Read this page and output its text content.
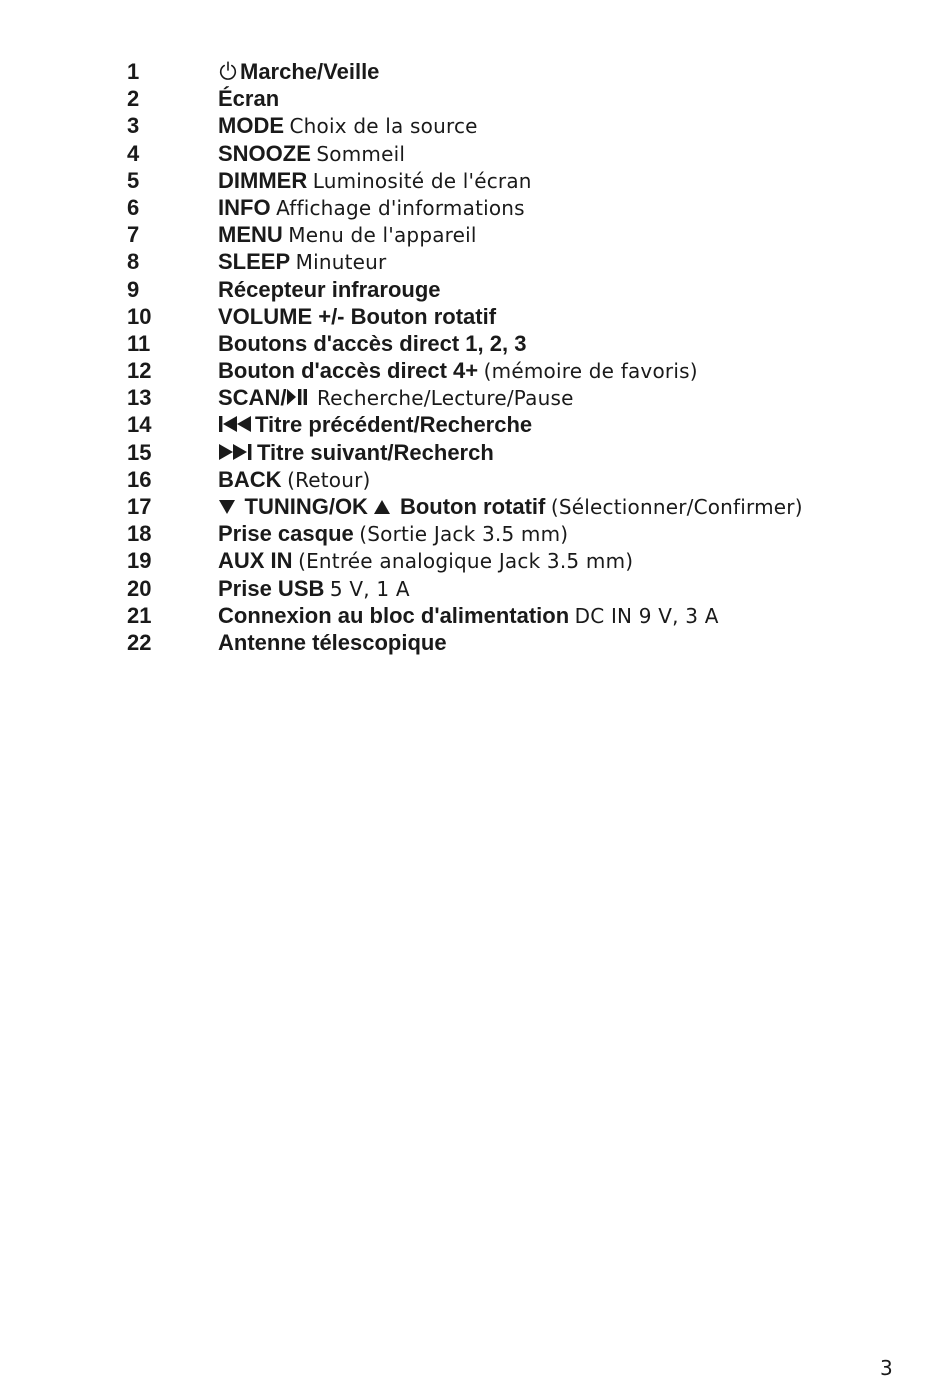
1	Marche/Veille
2	Écran
3	MODE Choix de la source
4	SNOOZE Sommeil
5	DIMMER Luminosité de l'écran
6	INFO Affichage d'informations
7	MENU Menu de l'appareil
8	SLEEP Minuteur
9	Récepteur infrarouge
10	VOLUME +/- Bouton rotatif
11	Boutons d'accès direct 1, 2, 3
12	Bouton d'accès direct 4+ (mémoire de favoris)
13	SCAN/ Recherche/Lecture/Pause
14	Titre précédent/Recherche
15	Titre suivant/Recherch
16	BACK (Retour)
17	TUNING/OK Bouton rotatif (Sélectionner/Confirmer)
18	Prise casque (Sortie Jack 3.5 mm)
19	AUX IN (Entrée analogique Jack 3.5 mm)
20	Prise USB 5 V, 1 A
21	Connexion au bloc d'alimentation DC IN 9 V, 3 A
22	Antenne télescopique
3
